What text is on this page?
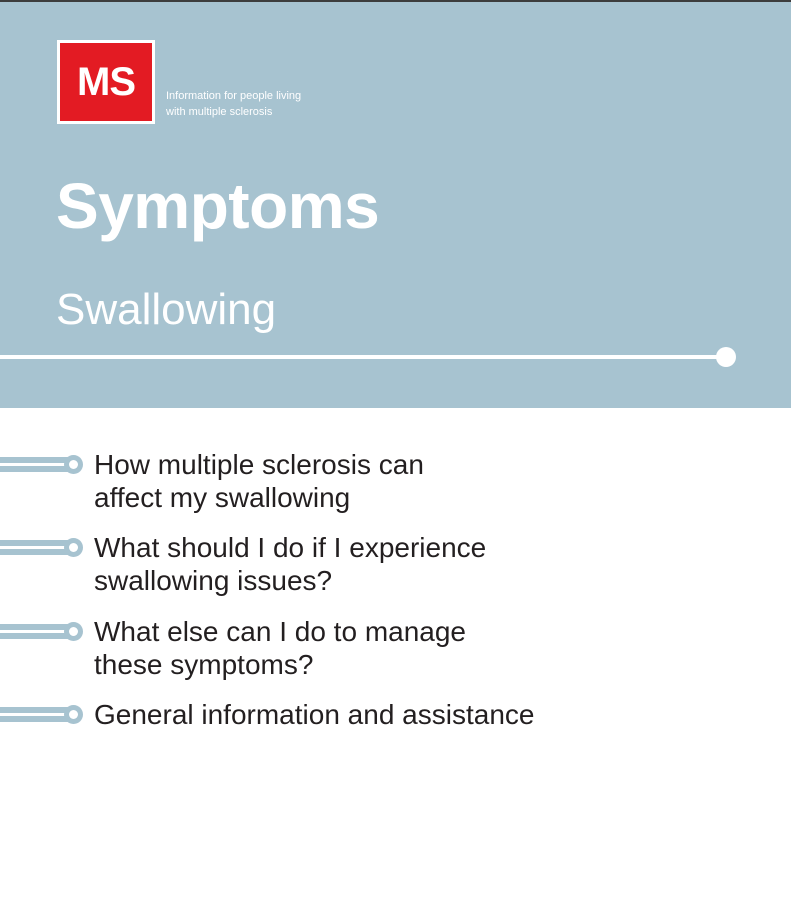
MS	Information for people living
with multiple sclerosis
Symptoms
Swallowing
How multiple sclerosis can
affect my swallowing
What should I do if I experience
swallowing issues?
What else can I do to manage
these symptoms?
General information and assistance
